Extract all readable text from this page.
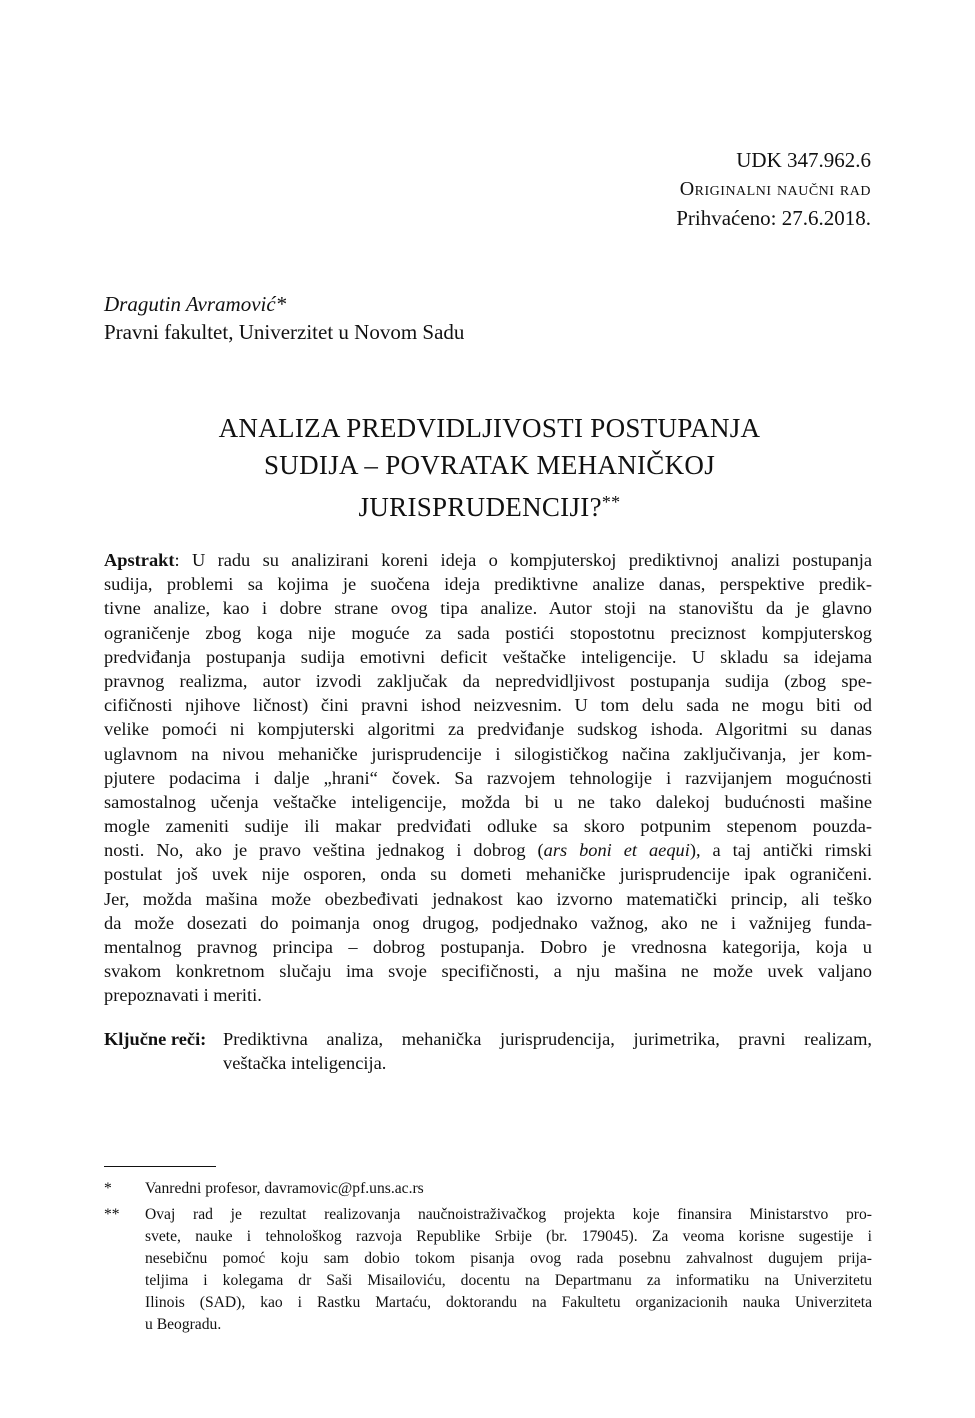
UDK 347.962.6
Originalni naučni rad
Prihvaćeno: 27.6.2018.
Dragutin Avramović*
Pravni fakultet, Univerzitet u Novom Sadu
ANALIZA PREDVIDLJIVOSTI POSTUPANJA
SUDIJA – POVRATAK MEHANIČKOJ
JURISPRUDENCIJI?**
Apstrakt: U radu su analizirani koreni ideja o kompjuterskoj prediktivnoj analizi postupanja
sudija, problemi sa kojima je suočena ideja prediktivne analize danas, perspektive predik-
tivne analize, kao i dobre strane ovog tipa analize. Autor stoji na stanovištu da je glavno
ograničenje zbog koga nije moguće za sada postići stopostotnu preciznost kompjuterskog
predviđanja postupanja sudija emotivni deficit veštačke inteligencije. U skladu sa idejama
pravnog realizma, autor izvodi zaključak da nepredvidljivost postupanja sudija (zbog spe-
cifičnosti njihove ličnost) čini pravni ishod neizvesnim. U tom delu sada ne mogu biti od
velike pomoći ni kompjuterski algoritmi za predviđanje sudskog ishoda. Algoritmi su danas
uglavnom na nivou mehaničke jurisprudencije i silogističkog načina zaključivanja, jer kom-
pjutere podacima i dalje „hrani“ čovek. Sa razvojem tehnologije i razvijanjem mogućnosti
samostalnog učenja veštačke inteligencije, možda bi u ne tako dalekoj budućnosti mašine
mogle zameniti sudije ili makar predviđati odluke sa skoro potpunim stepenom pouzda-
nosti. No, ako je pravo veština jednakog i dobrog (ars boni et aequi), a taj antički rimski
postulat još uvek nije osporen, onda su dometi mehaničke jurisprudencije ipak ograničeni.
Jer, možda mašina može obezbeđivati jednakost kao izvorno matematički princip, ali teško
da može dosezati do poimanja onog drugog, podjednako važnog, ako ne i važnijeg funda-
mentalnog pravnog principa – dobrog postupanja. Dobro je vrednosna kategorija, koja u
svakom konkretnom slučaju ima svoje specifičnosti, a nju mašina ne može uvek valjano
prepoznavati i meriti.
Ključne reči: Prediktivna analiza, mehanička jurisprudencija, jurimetrika, pravni realizam,
veštačka inteligencija.
* Vanredni profesor, davramovic@pf.uns.ac.rs
** Ovaj rad je rezultat realizovanja naučnoistraživačkog projekta koje finansira Ministarstvo pro-
svete, nauke i tehnološkog razvoja Republike Srbije (br. 179045). Za veoma korisne sugestije i
nesebičnu pomoć koju sam dobio tokom pisanja ovog rada posebnu zahvalnost dugujem prija-
teljima i kolegama dr Saši Misailoviću, docentu na Departmanu za informatiku na Univerzitetu
Ilinois (SAD), kao i Rastku Martaću, doktorandu na Fakultetu organizacionih nauka Univerziteta
u Beogradu.
